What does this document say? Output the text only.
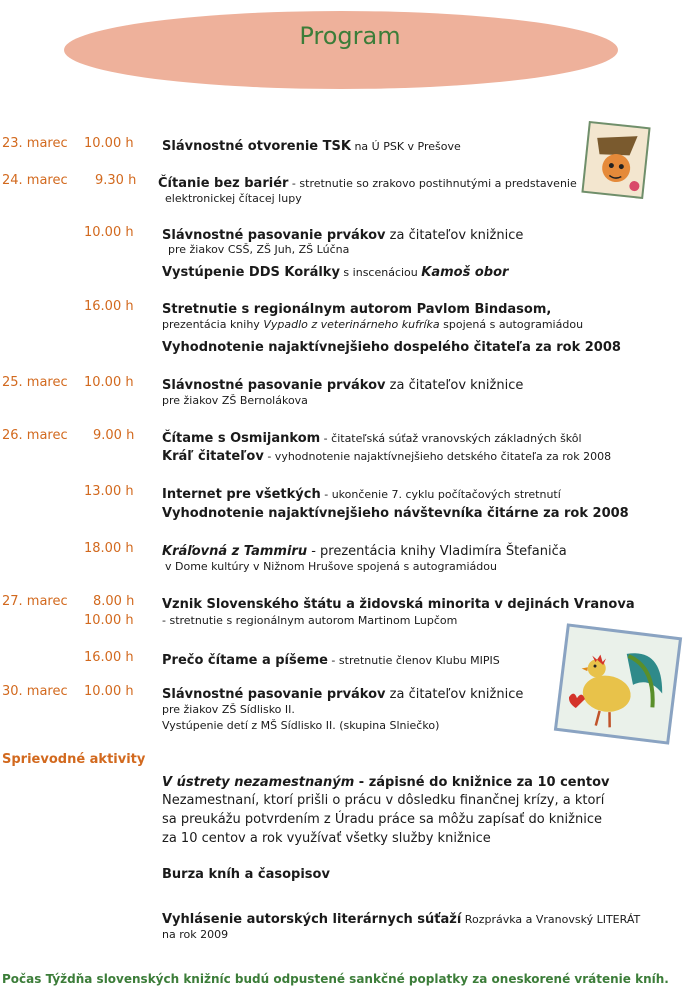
Program
23. marec 10.00 h Slávnostné otvorenie TSK na Ú PSK v Prešove
24. marec 9.30 h Čítanie bez bariér - stretnutie so zrakovo postihnutými a predstavenie
elektronickej čítacej lupy
10.00 h Slávnostné pasovanie prvákov za čitateľov knižnice
pre žiakov CSŠ, ZŠ Juh, ZŠ Lúčna
Vystúpenie DDS Korálky s inscenáciou Kamoš obor
16.00 h Stretnutie s regionálnym autorom Pavlom Bindasom,
prezentácia knihy Vypadlo z veterinárneho kufríka spojená s autogramiádou
Vyhodnotenie najaktívnejšieho dospelého čitateľa za rok 2008
25. marec 10.00 h Slávnostné pasovanie prvákov za čitateľov knižnice
pre žiakov ZŠ Bernolákova
26. marec 9.00 h Čítame s Osmijankom - čitateľská súťaž vranovských základných škôl
Kráľ čitateľov - vyhodnotenie najaktívnejšieho detského čitateľa za rok 2008
13.00 h Internet pre všetkých - ukončenie 7. cyklu počítačových stretnutí
Vyhodnotenie najaktívnejšieho návštevníka čitárne za rok 2008
18.00 h Kráľovná z Tammiru - prezentácia knihy Vladimíra Štefaniča
v Dome kultúry v Nižnom Hrušove spojená s autogramiádou
27. marec 8.00 h Vznik Slovenského štátu a židovská minorita v dejinách Vranova
10.00 h	- stretnutie s regionálnym autorom Martinom Lupčom
16.00 h Prečo čítame a píšeme - stretnutie členov Klubu MIPIS
30. marec 10.00 h Slávnostné pasovanie prvákov za čitateľov knižnice
pre žiakov ZŠ Sídlisko II.
Vystúpenie detí z MŠ Sídlisko II. (skupina Slniečko)
Sprievodné aktivity
V ústrety nezamestnaným - zápisné do knižnice za 10 centov
Nezamestnaní, ktorí prišli o prácu v dôsledku finančnej krízy, a ktorí
sa preukážu potvrdením z Úradu práce sa môžu zapísať do knižnice
za 10 centov a rok využívať všetky služby knižnice
Burza kníh a časopisov
Vyhlásenie autorských literárnych súťaží Rozprávka a Vranovský LITERÁT
na rok 2009
Počas Týždňa slovenských knižníc budú odpustené sankčné poplatky za oneskorené vrátenie kníh.
